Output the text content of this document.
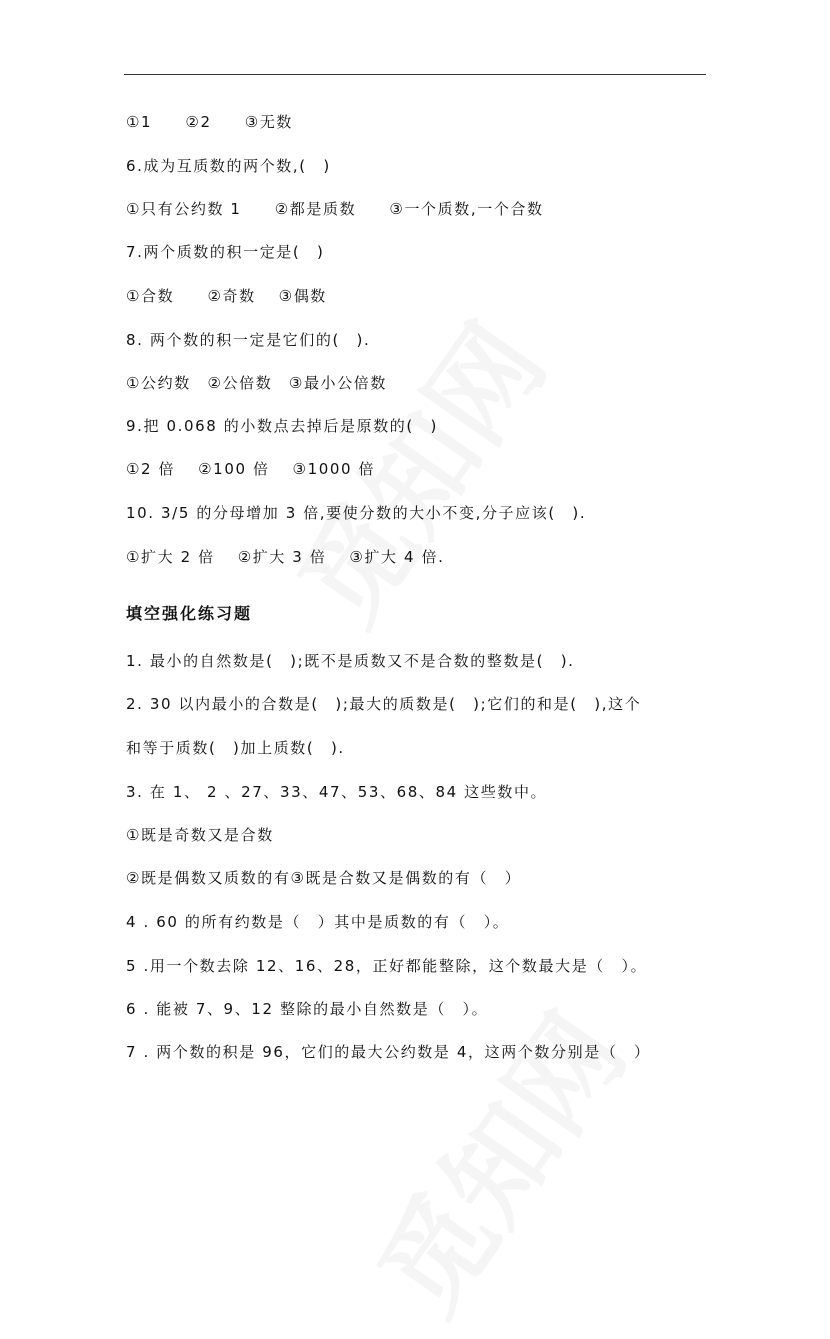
①1　　②2　　③无数
6.成为互质数的两个数,(　)
①只有公约数 1　　②都是质数　　③一个质数,一个合数
7.两个质数的积一定是(　)
①合数　　②奇数　 ③偶数
8. 两个数的积一定是它们的(　).
①公约数　②公倍数　③最小公倍数
9.把 0.068 的小数点去掉后是原数的(　)
①2 倍　 ②100 倍　 ③1000 倍
10. 3/5 的分母增加 3 倍,要使分数的大小不变,分子应该(　).
①扩大 2 倍　 ②扩大 3 倍　 ③扩大 4 倍.
填空强化练习题
1. 最小的自然数是(　);既不是质数又不是合数的整数是(　).
2. 30 以内最小的合数是(　);最大的质数是(　);它们的和是(　),这个
和等于质数(　)加上质数(　).
3. 在 1、 2 、27、33、47、53、68、84 这些数中。
①既是奇数又是合数
②既是偶数又质数的有③既是合数又是偶数的有（　）
4 . 60 的所有约数是（　）其中是质数的有（　）。
5 .用一个数去除 12、16、28，正好都能整除，这个数最大是（　）。
6 . 能被 7、9、12 整除的最小自然数是（　）。
7 . 两个数的积是 96，它们的最大公约数是 4，这两个数分别是（　）
